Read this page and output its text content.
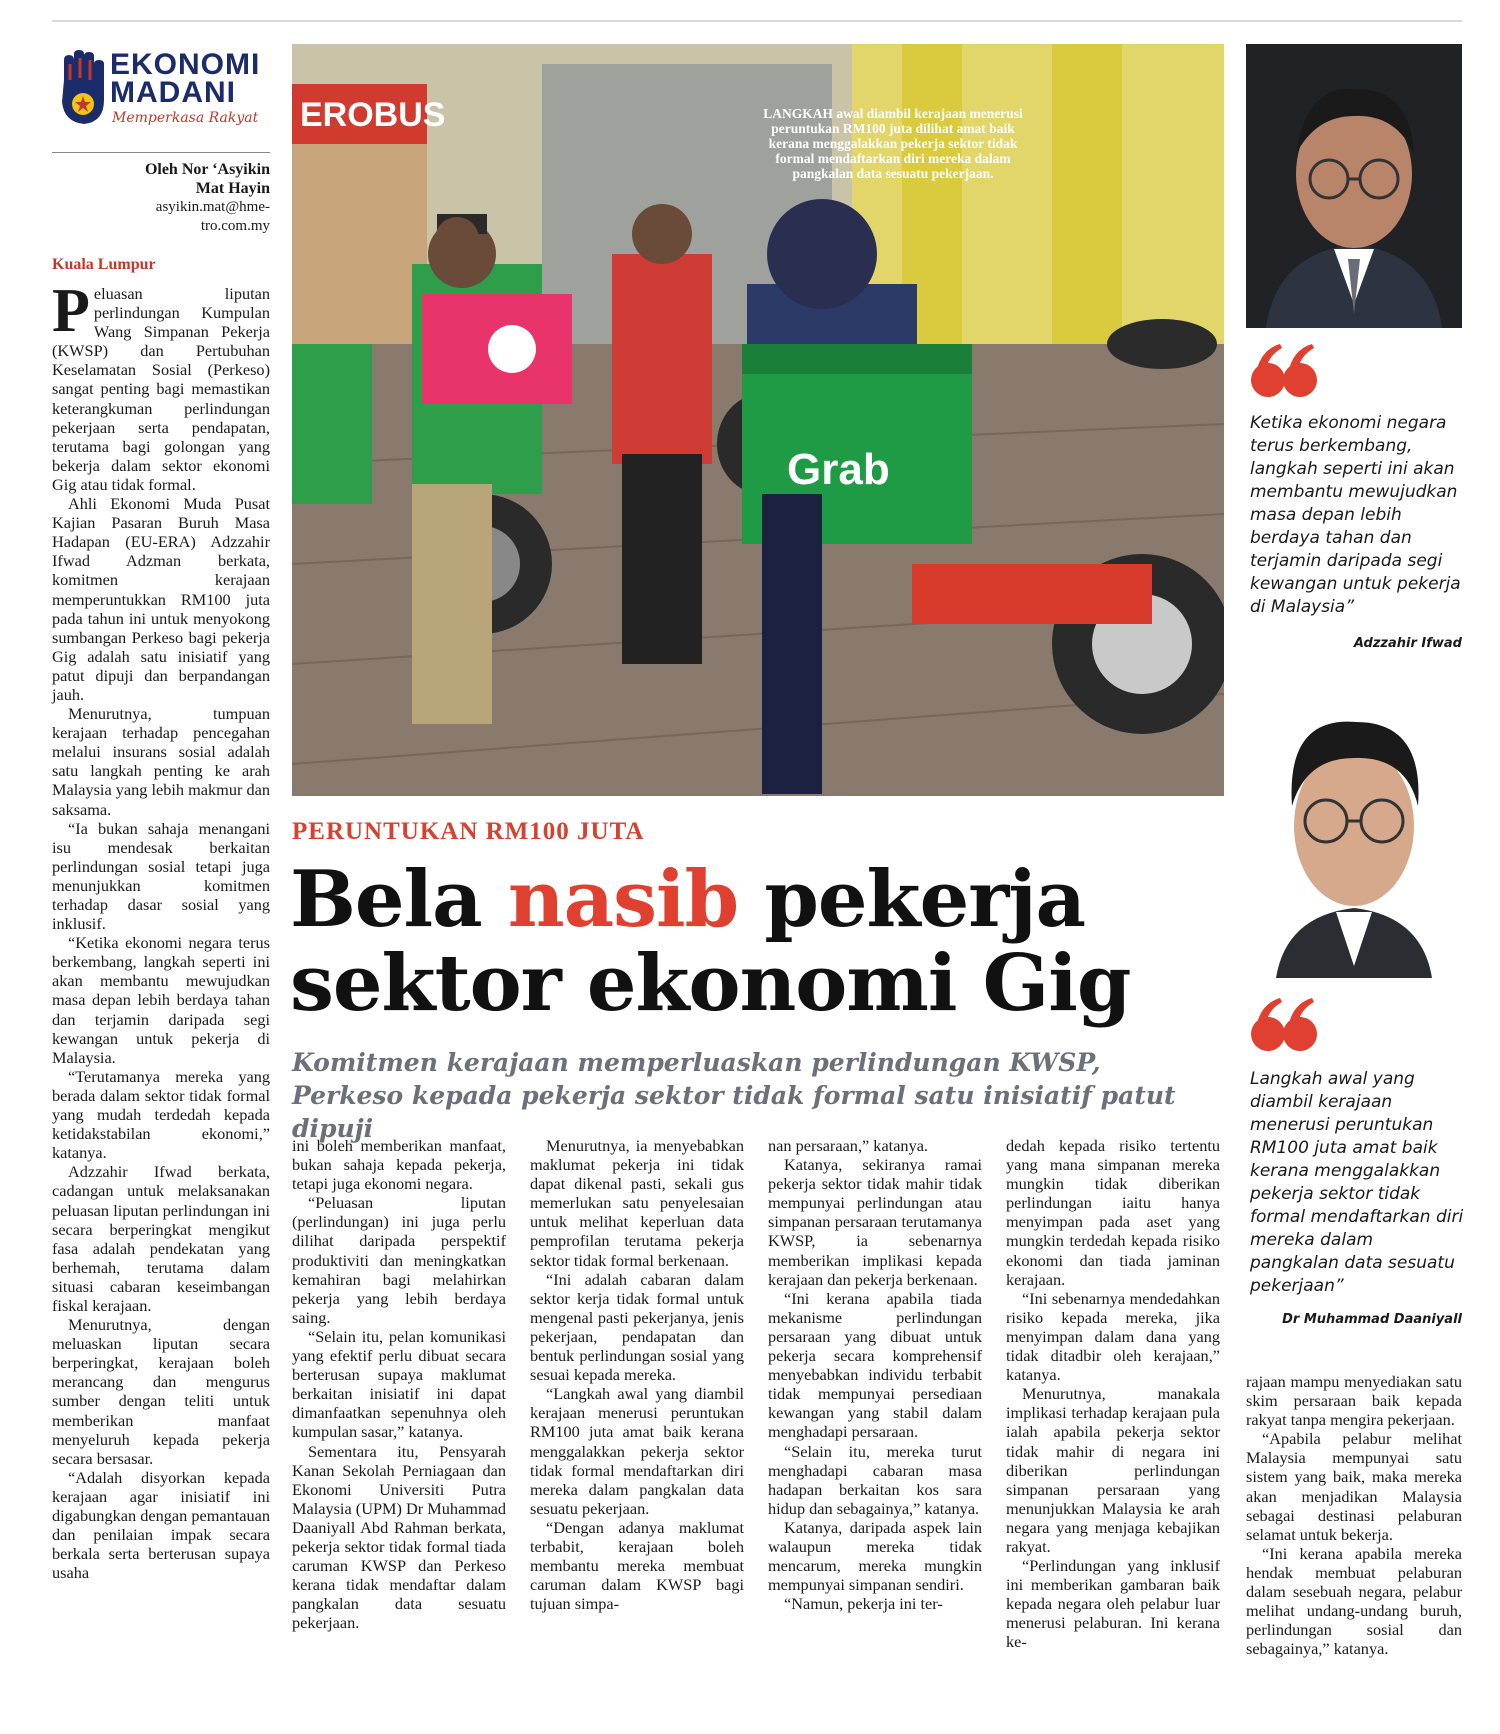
EKONOMI
MADANI
Memperkasa Rakyat
Oleh Nor ‘Asyikin
Mat Hayin
asyikin.mat@hme-
tro.com.my
Kuala Lumpur

Peluasan liputan perlindungan Kumpulan Wang Simpanan Pekerja (KWSP) dan Pertubuhan Keselamatan Sosial (Perkeso) sangat penting bagi memastikan keterangkuman perlindungan pekerjaan serta pendapatan, terutama bagi golongan yang bekerja dalam sektor ekonomi Gig atau tidak formal.

Ahli Ekonomi Muda Pusat Kajian Pasaran Buruh Masa Hadapan (EU-ERA) Adzzahir Ifwad Adzman berkata, komitmen kerajaan memperuntukkan RM100 juta pada tahun ini untuk menyokong sumbangan Perkeso bagi pekerja Gig adalah satu inisiatif yang patut dipuji dan berpandangan jauh.

Menurutnya, tumpuan kerajaan terhadap pencegahan melalui insurans sosial adalah satu langkah penting ke arah Malaysia yang lebih makmur dan saksama.

“Ia bukan sahaja menangani isu mendesak berkaitan perlindungan sosial tetapi juga menunjukkan komitmen terhadap dasar sosial yang inklusif.

“Ketika ekonomi negara terus berkembang, langkah seperti ini akan membantu mewujudkan masa depan lebih berdaya tahan dan terjamin daripada segi kewangan untuk pekerja di Malaysia.

“Terutamanya mereka yang berada dalam sektor tidak formal yang mudah terdedah kepada ketidakstabilan ekonomi,” katanya.

Adzzahir Ifwad berkata, cadangan untuk melaksanakan peluasan liputan perlindungan ini secara berperingkat mengikut fasa adalah pendekatan yang berhemah, terutama dalam situasi cabaran keseimbangan fiskal kerajaan.

Menurutnya, dengan meluaskan liputan secara berperingkat, kerajaan boleh merancang dan mengurus sumber dengan teliti untuk memberikan manfaat menyeluruh kepada pekerja secara bersasar.

“Adalah disyorkan kepada kerajaan agar inisiatif ini digabungkan dengan pemantauan dan penilaian impak secara berkala serta berterusan supaya usaha

EROBUS
Grab
LANGKAH awal diambil kerajaan menerusi peruntukan RM100 juta dilihat amat baik kerana menggalakkan pekerja sektor tidak formal mendaftarkan diri mereka dalam pangkalan data sesuatu pekerjaan.
PERUNTUKAN RM100 JUTA
Bela nasib pekerja
sektor ekonomi Gig
Komitmen kerajaan memperluaskan perlindungan KWSP, Perkeso kepada pekerja sektor tidak formal satu inisiatif patut dipuji

ini boleh memberikan manfaat, bukan sahaja kepada pekerja, tetapi juga ekonomi negara.

“Peluasan liputan (perlindungan) ini juga perlu dilihat daripada perspektif produktiviti dan meningkatkan kemahiran bagi melahirkan pekerja yang lebih berdaya saing.

“Selain itu, pelan komunikasi yang efektif perlu dibuat secara berterusan supaya maklumat berkaitan inisiatif ini dapat dimanfaatkan sepenuhnya oleh kumpulan sasar,” katanya.

Sementara itu, Pensyarah Kanan Sekolah Perniagaan dan Ekonomi Universiti Putra Malaysia (UPM) Dr Muhammad Daaniyall Abd Rahman berkata, pekerja sektor tidak formal tiada caruman KWSP dan Perkeso kerana tidak mendaftar dalam pangkalan data sesuatu pekerjaan.

Menurutnya, ia menyebabkan maklumat pekerja ini tidak dapat dikenal pasti, sekali gus memerlukan satu penyelesaian untuk melihat keperluan data pemprofilan terutama pekerja sektor tidak formal berkenaan.

“Ini adalah cabaran dalam sektor kerja tidak formal untuk mengenal pasti pekerjanya, jenis pekerjaan, pendapatan dan bentuk perlindungan sosial yang sesuai kepada mereka.

“Langkah awal yang diambil kerajaan menerusi peruntukan RM100 juta amat baik kerana menggalakkan pekerja sektor tidak formal mendaftarkan diri mereka dalam pangkalan data sesuatu pekerjaan.

“Dengan adanya maklumat terbabit, kerajaan boleh membantu mereka membuat caruman dalam KWSP bagi tujuan simpa-

nan persaraan,” katanya.

Katanya, sekiranya ramai pekerja sektor tidak mahir tidak mempunyai perlindungan atau simpanan persaraan terutamanya KWSP, ia sebenarnya memberikan implikasi kepada kerajaan dan pekerja berkenaan.

“Ini kerana apabila tiada mekanisme perlindungan persaraan yang dibuat untuk pekerja secara komprehensif menyebabkan individu terbabit tidak mempunyai persediaan kewangan yang stabil dalam menghadapi persaraan.

“Selain itu, mereka turut menghadapi cabaran masa hadapan berkaitan kos sara hidup dan sebagainya,” katanya.

Katanya, daripada aspek lain walaupun mereka tidak mencarum, mereka mungkin mempunyai simpanan sendiri.

“Namun, pekerja ini ter-

dedah kepada risiko tertentu yang mana simpanan mereka mungkin tidak diberikan perlindungan iaitu hanya menyimpan pada aset yang mungkin terdedah kepada risiko ekonomi dan tiada jaminan kerajaan.

“Ini sebenarnya mendedahkan risiko kepada mereka, jika menyimpan dalam dana yang tidak ditadbir oleh kerajaan,” katanya.

Menurutnya, manakala implikasi terhadap kerajaan pula ialah apabila pekerja sektor tidak mahir di negara ini diberikan perlindungan simpanan persaraan yang menunjukkan Malaysia ke arah negara yang menjaga kebajikan rakyat.

“Perlindungan yang inklusif ini memberikan gambaran baik kepada negara oleh pelabur luar menerusi pelaburan. Ini kerana ke-

rajaan mampu menyediakan satu skim persaraan baik kepada rakyat tanpa mengira pekerjaan.

“Apabila pelabur melihat Malaysia mempunyai satu sistem yang baik, maka mereka akan menjadikan Malaysia sebagai destinasi pelaburan selamat untuk bekerja.

“Ini kerana apabila mereka hendak membuat pelaburan dalam sesebuah negara, pelabur melihat undang-undang buruh, perlindungan sosial dan sebagainya,” katanya.

Ketika ekonomi negara terus berkembang, langkah seperti ini akan membantu mewujudkan masa depan lebih berdaya tahan dan terjamin daripada segi kewangan untuk pekerja di Malaysia”
Adzzahir Ifwad
Langkah awal yang diambil kerajaan menerusi peruntukan RM100 juta amat baik kerana menggalakkan pekerja sektor tidak formal mendaftarkan diri mereka dalam pangkalan data sesuatu pekerjaan”
Dr Muhammad Daaniyall
